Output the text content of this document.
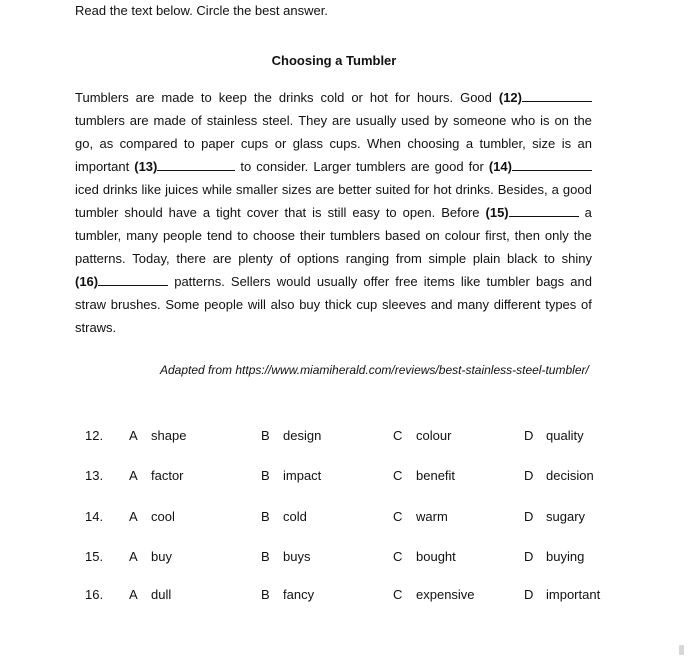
Read the text below. Circle the best answer.
Choosing a Tumbler
Tumblers are made to keep the drinks cold or hot for hours. Good (12)
tumblers are made of stainless steel. They are usually used by someone who is on the
go, as compared to paper cups or glass cups. When choosing a tumbler, size is an
important (13)	to consider. Larger tumblers are good for (14)
iced drinks like juices while smaller sizes are better suited for hot drinks. Besides, a good
tumbler should have a tight cover that is still easy to open. Before (15)	a
tumbler, many people tend to choose their tumblers based on colour first, then only the
patterns. Today, there are plenty of options ranging from simple plain black to shiny
(16)	patterns. Sellers would usually offer free items like tumbler bags and
straw brushes. Some people will also buy thick cup sleeves and many different types of
straws.
Adapted from https://www.miamiherald.com/reviews/best-stainless-steel-tumbler/
12. A shape	B design	C colour	D quality
13. A factor	B impact	C benefit	D decision
14. A cool	B cold	C warm	D sugary
15. A buy	B buys	C bought	D buying
16. A dull	B fancy	C expensive	D important
